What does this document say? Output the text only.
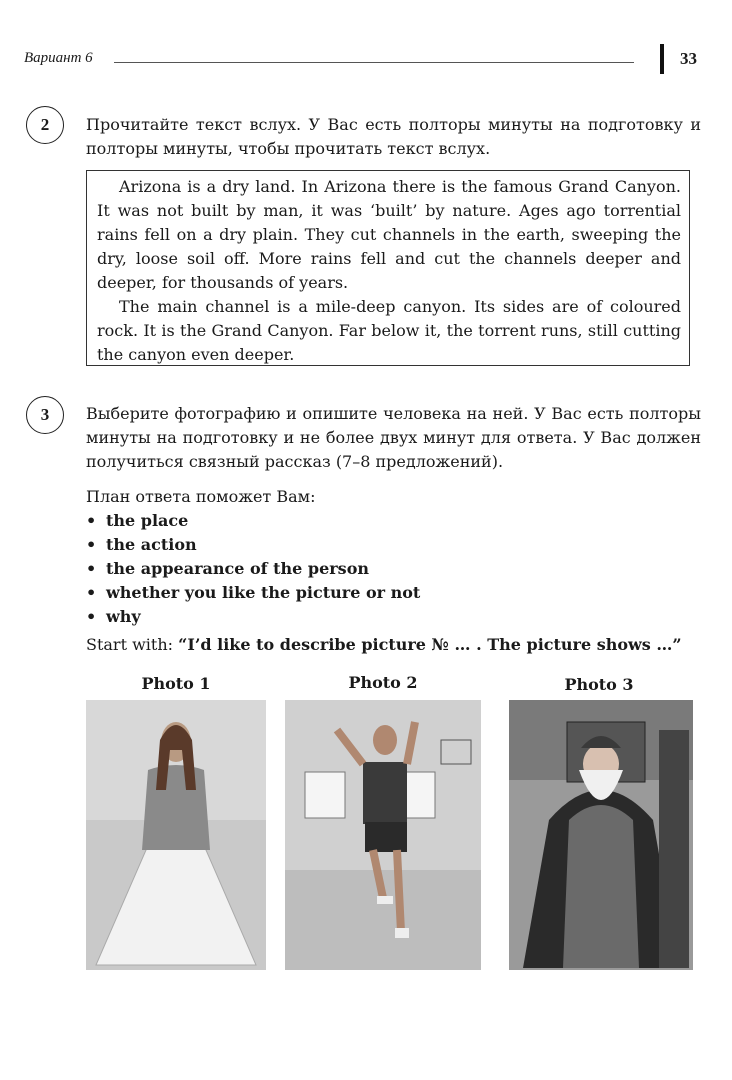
Вариант 6	33
2	Прочитайте текст вслух. У Вас есть полторы минуты на подготовку и полторы минуты, чтобы прочитать текст вслух.

Arizona is a dry land. In Arizona there is the famous Grand Canyon. It was not built by man, it was ‘built’ by nature. Ages ago torrential rains fell on a dry plain. They cut channels in the earth, sweeping the dry, loose soil off. More rains fell and cut the channels deeper and deeper, for thousands of years.

The main channel is a mile-deep canyon. Its sides are of coloured rock. It is the Grand Canyon. Far below it, the torrent runs, still cutting the canyon even deeper.

3	Выберите фотографию и опишите человека на ней. У Вас есть полторы минуты на подготовку и не более двух минут для ответа. У Вас должен получиться связный рассказ (7–8 предложений).

План ответа поможет Вам:

• the place
• the action
• the appearance of the person
• whether you like the picture or not
• why

Start with: “I’d like to describe picture № … . The picture shows …”

Photo 1	Photo 2	Photo 3
